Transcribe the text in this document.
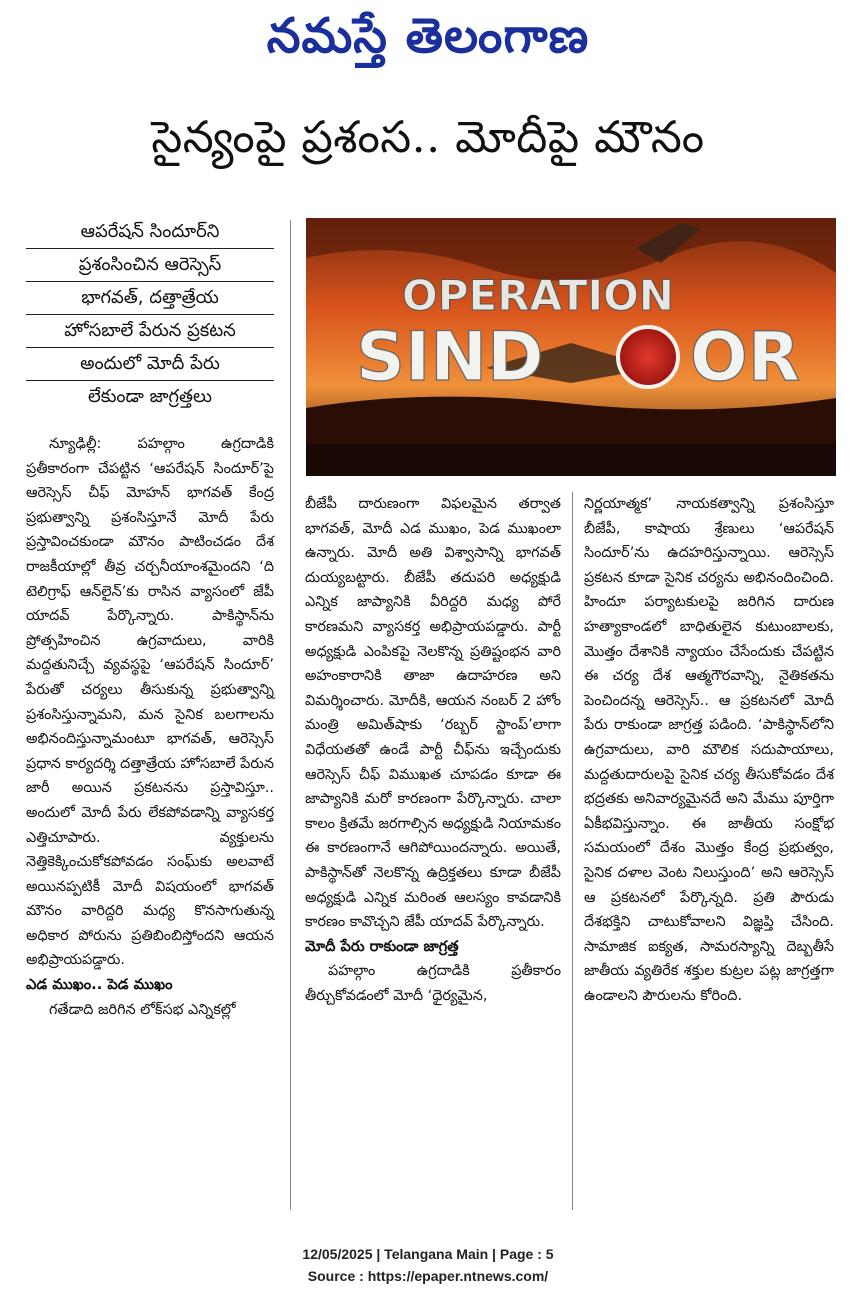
నమస్తే తెలంగాణ
సైన్యంపై ప్రశంస.. మోదీపై మౌనం
ఆపరేషన్ సిందూర్‌ని
ప్రశంసించిన ఆరెస్సెస్
భాగవత్, దత్తాత్రేయ
హోసబాలే పేరున ప్రకటన
అందులో మోదీ పేరు
లేకుండా జాగ్రత్తలు
OPERATION
SIND OR

న్యూఢిల్లీ: పహల్గాం ఉగ్రదాడికి ప్రతీకారంగా చేపట్టిన ‘ఆపరేషన్ సిందూర్’పై ఆరెస్సెస్ చీఫ్ మోహన్ భాగవత్ కేంద్ర ప్రభుత్వాన్ని ప్రశంసిస్తూనే మోదీ పేరు ప్రస్తావించకుండా మౌనం పాటించడం దేశ రాజకీయాల్లో తీవ్ర చర్చనీయాంశమైందని ‘ది టెలిగ్రాఫ్ ఆన్‌లైన్’కు రాసిన వ్యాసంలో జేపీ యాదవ్ పేర్కొన్నారు. పాకిస్థాన్‌ను ప్రోత్సహించిన ఉగ్రవాదులు, వారికి మద్దతునిచ్చే వ్యవస్థపై ‘ఆపరేషన్ సిందూర్’ పేరుతో చర్యలు తీసుకున్న ప్రభుత్వాన్ని ప్రశంసిస్తున్నామని, మన సైనిక బలగాలను అభినందిస్తున్నామంటూ భాగవత్, ఆరెస్సెస్ ప్రధాన కార్యదర్శి దత్తాత్రేయ హోసబాలే పేరున జారీ అయిన ప్రకటనను ప్రస్తావిస్తూ.. అందులో మోదీ పేరు లేకపోవడాన్ని వ్యాసకర్త ఎత్తిచూపారు. వ్యక్తులను నెత్తికెక్కించుకోకపోవడం సంఘ్‌కు అలవాటే అయినప్పటికీ మోదీ విషయంలో భాగవత్ మౌనం వారిద్దరి మధ్య కొనసాగుతున్న అధికార పోరును ప్రతిబింబిస్తోందని ఆయన అభిప్రాయపడ్డారు.

ఎడ ముఖం.. పెడ ముఖం

గతేడాది జరిగిన లోక్‌సభ ఎన్నికల్లో

బీజేపీ దారుణంగా విఫలమైన తర్వాత భాగవత్, మోదీ ఎడ ముఖం, పెడ ముఖంలా ఉన్నారు. మోదీ అతి విశ్వాసాన్ని భాగవత్ దుయ్యబట్టారు. బీజేపీ తదుపరి అధ్యక్షుడి ఎన్నిక జాప్యానికి వీరిద్దరి మధ్య పోరే కారణమని వ్యాసకర్త అభిప్రాయపడ్డారు. పార్టీ అధ్యక్షుడి ఎంపికపై నెలకొన్న ప్రతిష్టంభన వారి అహంకారానికి తాజా ఉదాహరణ అని విమర్శించారు. మోదీకి, ఆయన నంబర్ 2 హోం మంత్రి అమిత్‌షాకు ‘రబ్బర్ స్టాంప్’లాగా విధేయతతో ఉండే పార్టీ చీఫ్‌ను ఇచ్చేందుకు ఆరెస్సెస్ చీఫ్ విముఖత చూపడం కూడా ఈ జాప్యానికి మరో కారణంగా పేర్కొన్నారు. చాలా కాలం క్రితమే జరగాల్సిన అధ్యక్షుడి నియామకం ఈ కారణంగానే ఆగిపోయిందన్నారు. అయితే, పాకిస్థాన్‌తో నెలకొన్న ఉద్రిక్తతలు కూడా బీజేపీ అధ్యక్షుడి ఎన్నిక మరింత ఆలస్యం కావడానికి కారణం కావొచ్చని జేపీ యాదవ్ పేర్కొన్నారు.

మోదీ పేరు రాకుండా జాగ్రత్త

పహల్గాం ఉగ్రదాడికి ప్రతీకారం తీర్చుకోవడంలో మోదీ ‘ధైర్యమైన,

నిర్ణయాత్మక’ నాయకత్వాన్ని ప్రశంసిస్తూ బీజేపీ, కాషాయ శ్రేణులు ‘ఆపరేషన్ సిందూర్’ను ఉదహరిస్తున్నాయి. ఆరెస్సెస్ ప్రకటన కూడా సైనిక చర్యను అభినందించింది. హిందూ పర్యాటకులపై జరిగిన దారుణ హత్యాకాండలో బాధితులైన కుటుంబాలకు, మొత్తం దేశానికి న్యాయం చేసేందుకు చేపట్టిన ఈ చర్య దేశ ఆత్మగౌరవాన్ని, నైతికతను పెంచిందన్న ఆరెస్సెస్.. ఆ ప్రకటనలో మోదీ పేరు రాకుండా జాగ్రత్త పడింది. ‘పాకిస్థాన్‌లోని ఉగ్రవాదులు, వారి మౌలిక సదుపాయాలు, మద్దతుదారులపై సైనిక చర్య తీసుకోవడం దేశ భద్రతకు అనివార్యమైనదే అని మేము పూర్తిగా ఏకీభవిస్తున్నాం. ఈ జాతీయ సంక్షోభ సమయంలో దేశం మొత్తం కేంద్ర ప్రభుత్వం, సైనిక దళాల వెంట నిలుస్తుంది’ అని ఆరెస్సెస్ ఆ ప్రకటనలో పేర్కొన్నది. ప్రతి పౌరుడు దేశభక్తిని చాటుకోవాలని విజ్ఞప్తి చేసింది. సామాజిక ఐక్యత, సామరస్యాన్ని దెబ్బతీసే జాతీయ వ్యతిరేక శక్తుల కుట్రల పట్ల జాగ్రత్తగా ఉండాలని పౌరులను కోరింది.

12/05/2025 | Telangana Main | Page : 5
Source : https://epaper.ntnews.com/
